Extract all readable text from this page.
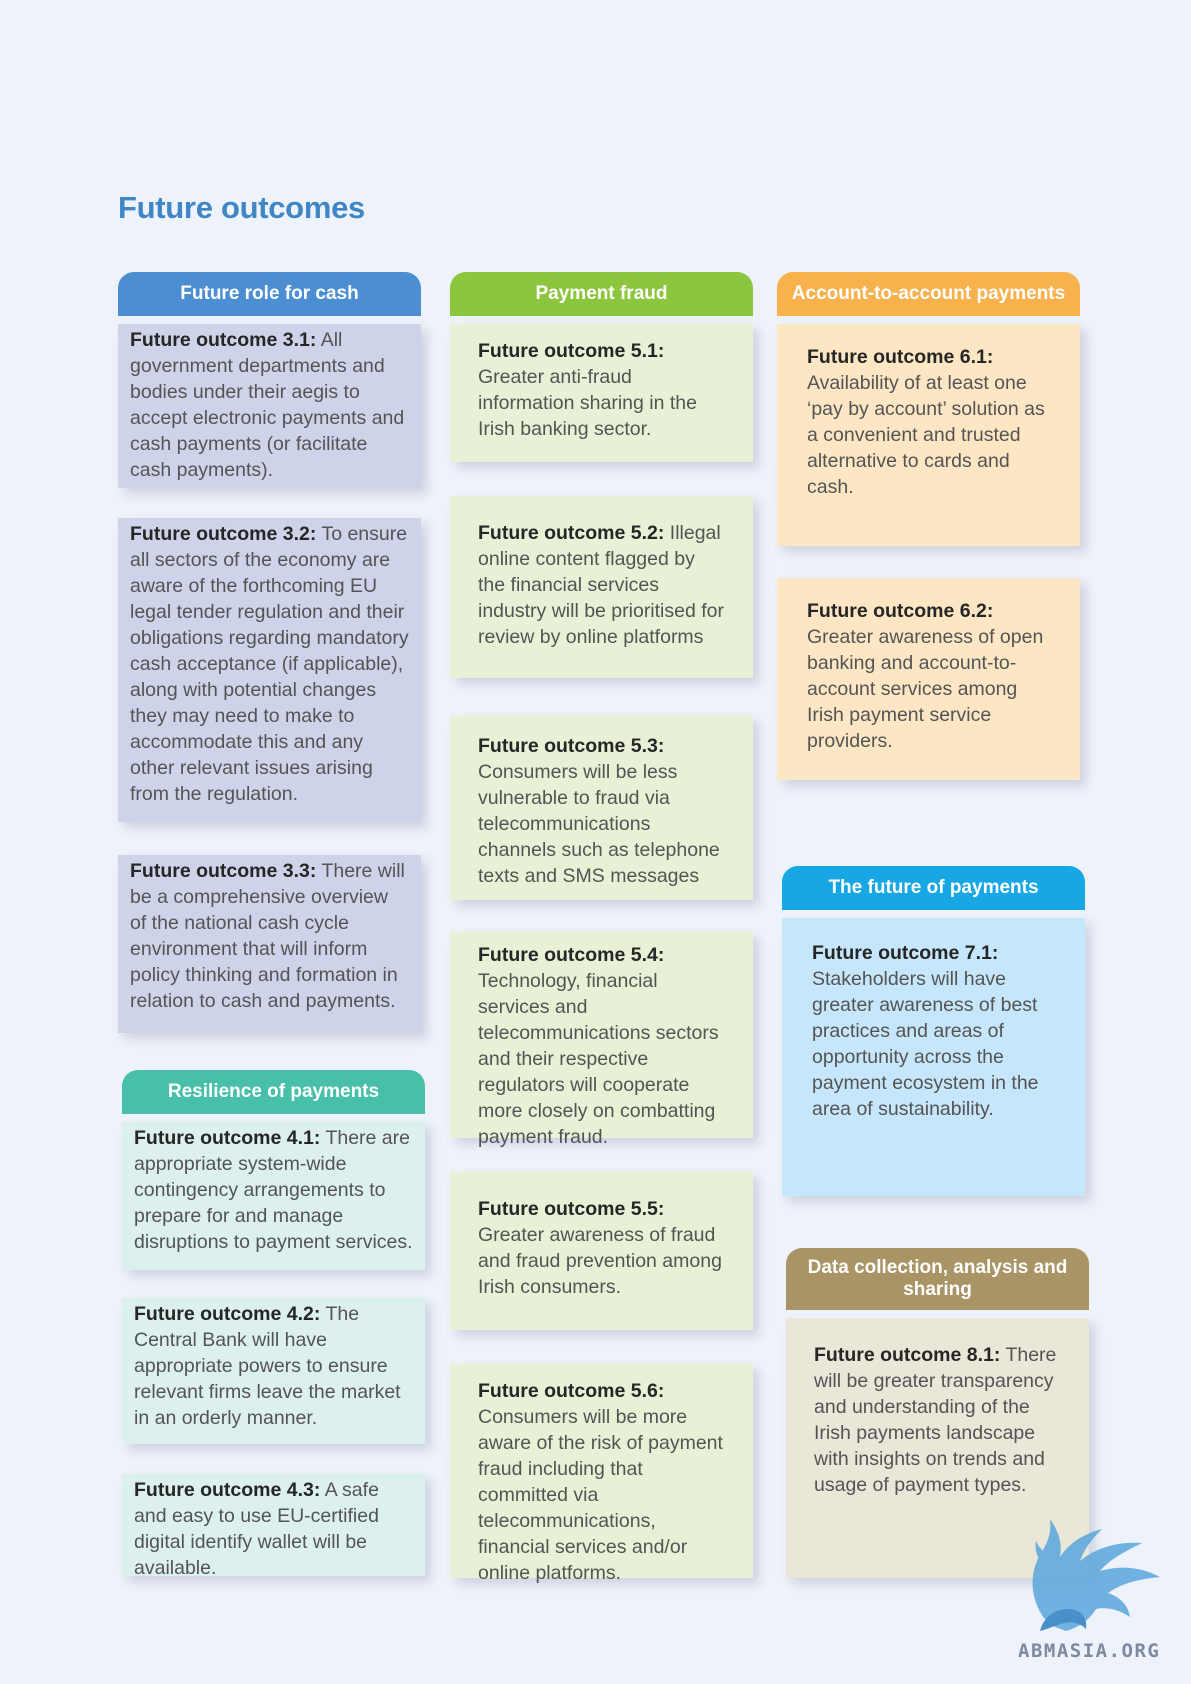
Future outcomes
Future role for cash
Future outcome 3.1: All government departments and bodies under their aegis to accept electronic payments and cash payments (or facilitate cash payments).
Future outcome 3.2: To ensure all sectors of the economy are aware of the forthcoming EU legal tender regulation and their obligations regarding mandatory cash acceptance (if applicable), along with potential changes they may need to make to accommodate this and any other relevant issues arising from the regulation.
Future outcome 3.3: There will be a comprehensive overview of the national cash cycle environment that will inform policy thinking and formation in relation to cash and payments.
Resilience of payments
Future outcome 4.1: There are appropriate system-wide contingency arrangements to prepare for and manage disruptions to payment services.
Future outcome 4.2: The Central Bank will have appropriate powers to ensure relevant firms leave the market in an orderly manner.
Future outcome 4.3: A safe and easy to use EU-certified digital identify wallet will be available.
Payment fraud
Future outcome 5.1:
Greater anti-fraud information sharing in the Irish banking sector.
Future outcome 5.2: Illegal online content flagged by the financial services industry will be prioritised for review by online platforms
Future outcome 5.3:
Consumers will be less vulnerable to fraud via telecommunications channels such as telephone texts and SMS messages
Future outcome 5.4:
Technology, financial services and telecommunications sectors and their respective regulators will cooperate more closely on combatting payment fraud.
Future outcome 5.5: Greater awareness of fraud and fraud prevention among Irish consumers.
Future outcome 5.6:
Consumers will be more aware of the risk of payment fraud including that committed via telecommunications, financial services and/or online platforms.
Account-to-account payments
Future outcome 6.1:
Availability of at least one ‘pay by account’ solution as a convenient and trusted alternative to cards and cash.
Future outcome 6.2:
Greater awareness of open banking and account-to-account services among Irish payment service providers.
The future of payments
Future outcome 7.1:
Stakeholders will have greater awareness of best practices and areas of opportunity across the payment ecosystem in the area of sustainability.
Data collection, analysis and sharing
Future outcome 8.1: There will be greater transparency and understanding of the Irish payments landscape with insights on trends and usage of payment types.
ABMASIA.ORG
